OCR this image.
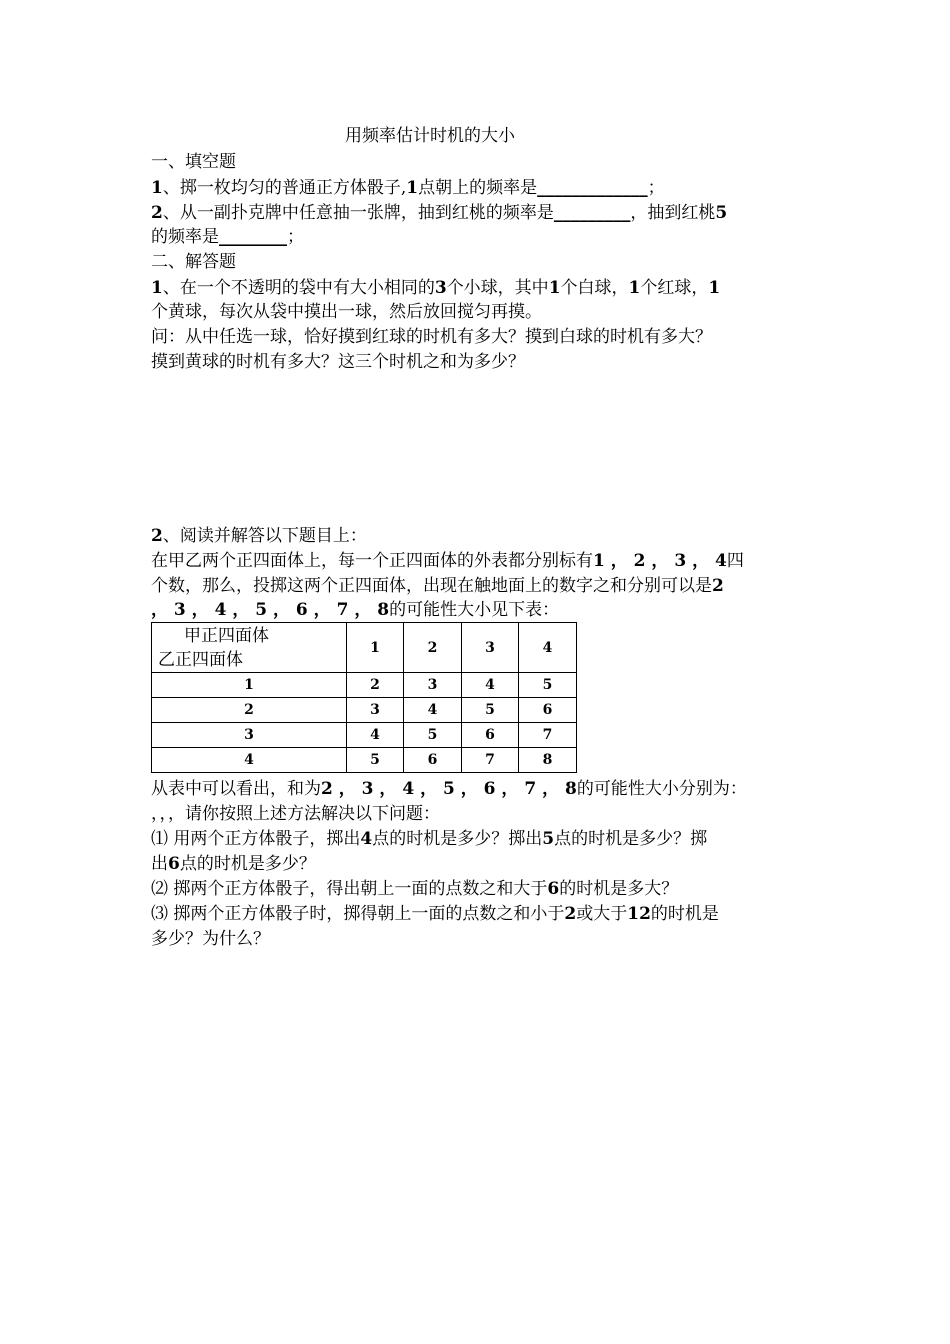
用频率估计时机的大小
一、填空题
1、掷一枚均匀的普通正方体骰子,1点朝上的频率是_____________；
2、从一副扑克牌中任意抽一张牌，抽到红桃的频率是_________，抽到红桃5
的频率是________；
二、解答题
1、在一个不透明的袋中有大小相同的3个小球，其中1个白球，1个红球，1
个黄球，每次从袋中摸出一球，然后放回搅匀再摸。
问：从中任选一球，恰好摸到红球的时机有多大？摸到白球的时机有多大？
摸到黄球的时机有多大？这三个时机之和为多少？
2、阅读并解答以下题目上：
在甲乙两个正四面体上，每一个正四面体的外表都分别标有1 ， 2 ， 3 ， 4四
个数，那么，投掷这两个正四面体，出现在触地面上的数字之和分别可以是2
， 3 ， 4 ， 5 ， 6 ， 7 ， 8的可能性大小见下表：
甲正四面体
乙正四面体	1	2	3	4
1	2	3	4	5
2	3	4	5	6
3	4	5	6	7
4	5	6	7	8
从表中可以看出，和为2 ， 3 ， 4 ， 5 ， 6 ， 7 ， 8的可能性大小分别为：
，，，请你按照上述方法解决以下问题：
⑴ 用两个正方体骰子，掷出4点的时机是多少？掷出5点的时机是多少？掷
出6点的时机是多少？
⑵ 掷两个正方体骰子，得出朝上一面的点数之和大于6的时机是多大？
⑶ 掷两个正方体骰子时，掷得朝上一面的点数之和小于2或大于12的时机是
多少？为什么？
